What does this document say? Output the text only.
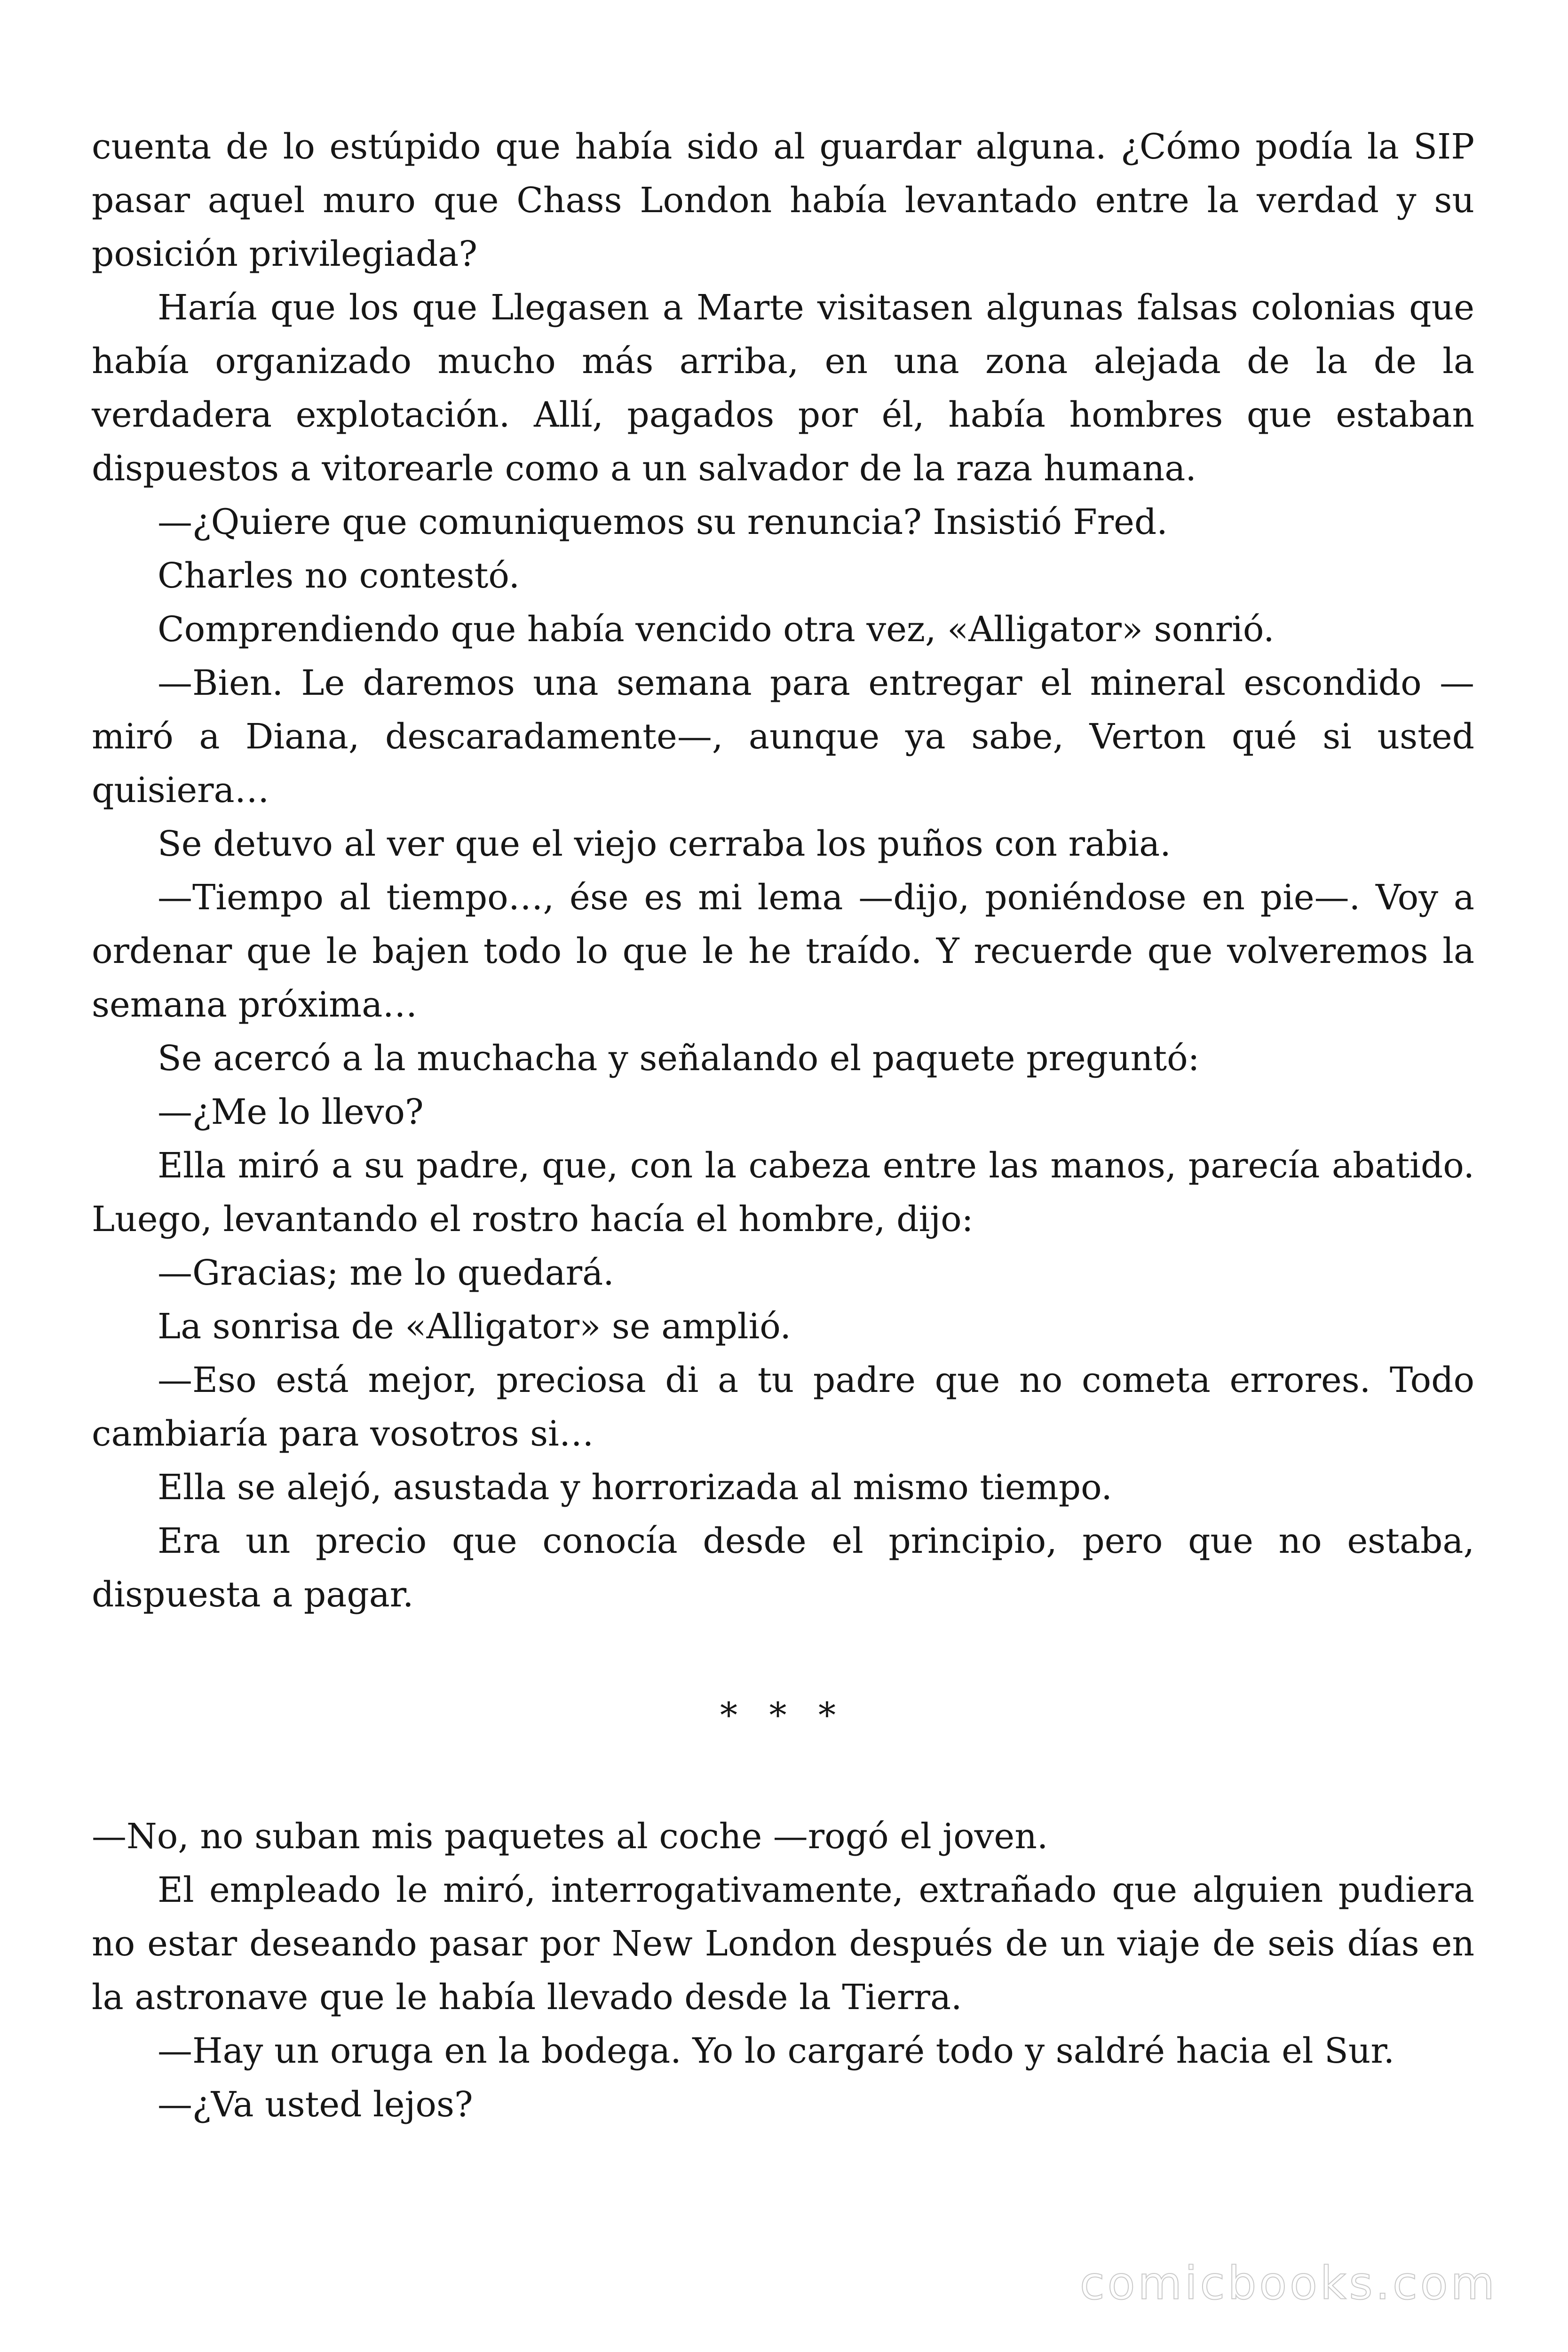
cuenta de lo estúpido que había sido al guardar alguna. ¿Cómo podía la SIP pasar aquel muro que Chass London había levantado entre la verdad y su posición privilegiada?

Haría que los que Llegasen a Marte visitasen algunas falsas colonias que había organizado mucho más arriba, en una zona alejada de la de la verdadera explotación. Allí, pagados por él, había hombres que estaban dispuestos a vitorearle como a un salvador de la raza humana.

—¿Quiere que comuniquemos su renuncia? Insistió Fred.

Charles no contestó.

Comprendiendo que había vencido otra vez, «Alligator» sonrió.

—Bien. Le daremos una semana para entregar el mineral escondido —miró a Diana, descaradamente—, aunque ya sabe, Verton qué si usted quisiera…

Se detuvo al ver que el viejo cerraba los puños con rabia.

—Tiempo al tiempo…, ése es mi lema —dijo, poniéndose en pie—. Voy a ordenar que le bajen todo lo que le he traído. Y recuerde que volveremos la semana próxima…

Se acercó a la muchacha y señalando el paquete preguntó:

—¿Me lo llevo?

Ella miró a su padre, que, con la cabeza entre las manos, parecía abatido. Luego, levantando el rostro hacía el hombre, dijo:

—Gracias; me lo quedará.

La sonrisa de «Alligator» se amplió.

—Eso está mejor, preciosa di a tu padre que no cometa errores. Todo cambiaría para vosotros si…

Ella se alejó, asustada y horrorizada al mismo tiempo.

Era un precio que conocía desde el principio, pero que no estaba, dispuesta a pagar.

* * *

—No, no suban mis paquetes al coche —rogó el joven.

El empleado le miró, interrogativamente, extrañado que alguien pudiera no estar deseando pasar por New London después de un viaje de seis días en la astronave que le había llevado desde la Tierra.

—Hay un oruga en la bodega. Yo lo cargaré todo y saldré hacia el Sur.

—¿Va usted lejos?

comicbooks.com
